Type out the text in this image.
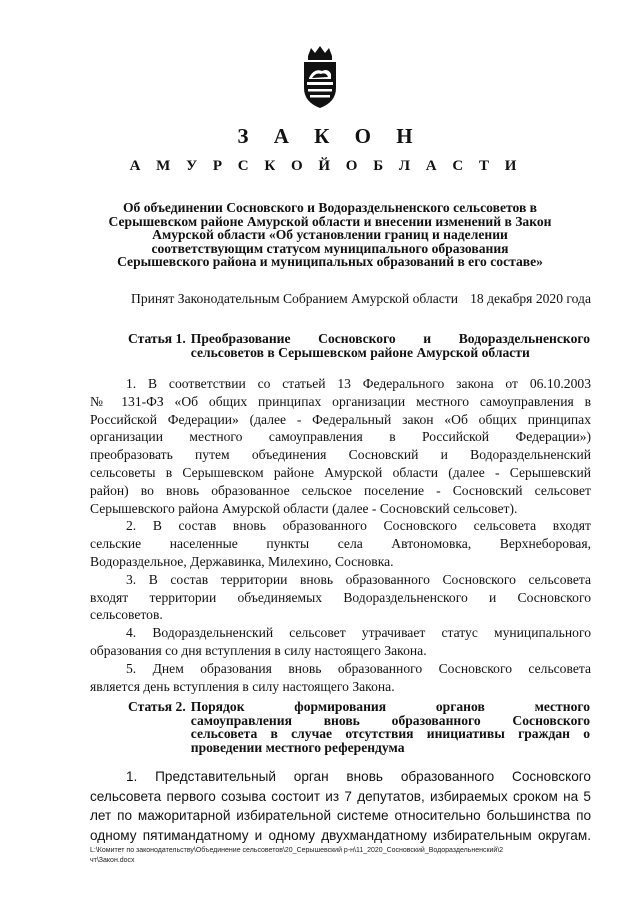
З А К О Н
А М У Р С К О Й О Б Л А С Т И
Об объединении Сосновского и Водораздельненского сельсоветов в
Серышевском районе Амурской области и внесении изменений в Закон
Амурской области «Об установлении границ и наделении
соответствующим статусом муниципального образования
Серышевского района и муниципальных образований в его составе»
Принят Законодательным Собранием Амурской области 18 декабря 2020 года
Статья 1. Преобразование Сосновского и Водораздельненского
сельсоветов в Серышевском районе Амурской области
1. В соответствии со статьей 13 Федерального закона от 06.10.2003
№ 131-ФЗ «Об общих принципах организации местного самоуправления в
Российской Федерации» (далее - Федеральный закон «Об общих принципах
организации местного самоуправления в Российской Федерации»)
преобразовать путем объединения Сосновский и Водораздельненский
сельсоветы в Серышевском районе Амурской области (далее - Серышевский
район) во вновь образованное сельское поселение - Сосновский сельсовет
Серышевского района Амурской области (далее - Сосновский сельсовет).
2. В состав вновь образованного Сосновского сельсовета входят
сельские населенные пункты села Автономовка, Верхнеборовая,
Водораздельное, Державинка, Милехино, Сосновка.
3. В состав территории вновь образованного Сосновского сельсовета
входят территории объединяемых Водораздельненского и Сосновского
сельсоветов.
4. Водораздельненский сельсовет утрачивает статус муниципального
образования со дня вступления в силу настоящего Закона.
5. Днем образования вновь образованного Сосновского сельсовета
является день вступления в силу настоящего Закона.
Статья 2. Порядок формирования органов местного
самоуправления вновь образованного Сосновского
сельсовета в случае отсутствия инициативы граждан о
проведении местного референдума
1. Представительный орган вновь образованного Сосновского
сельсовета первого созыва состоит из 7 депутатов, избираемых сроком на 5
лет по мажоритарной избирательной системе относительно большинства по
одному пятимандатному и одному двухмандатному избирательным округам.
L:\Комитет по законодательству\Объединение сельсоветов\20_Серышевский р-н\11_2020_Сосновский_Водораздельненский\2
чт\Закон.docx
